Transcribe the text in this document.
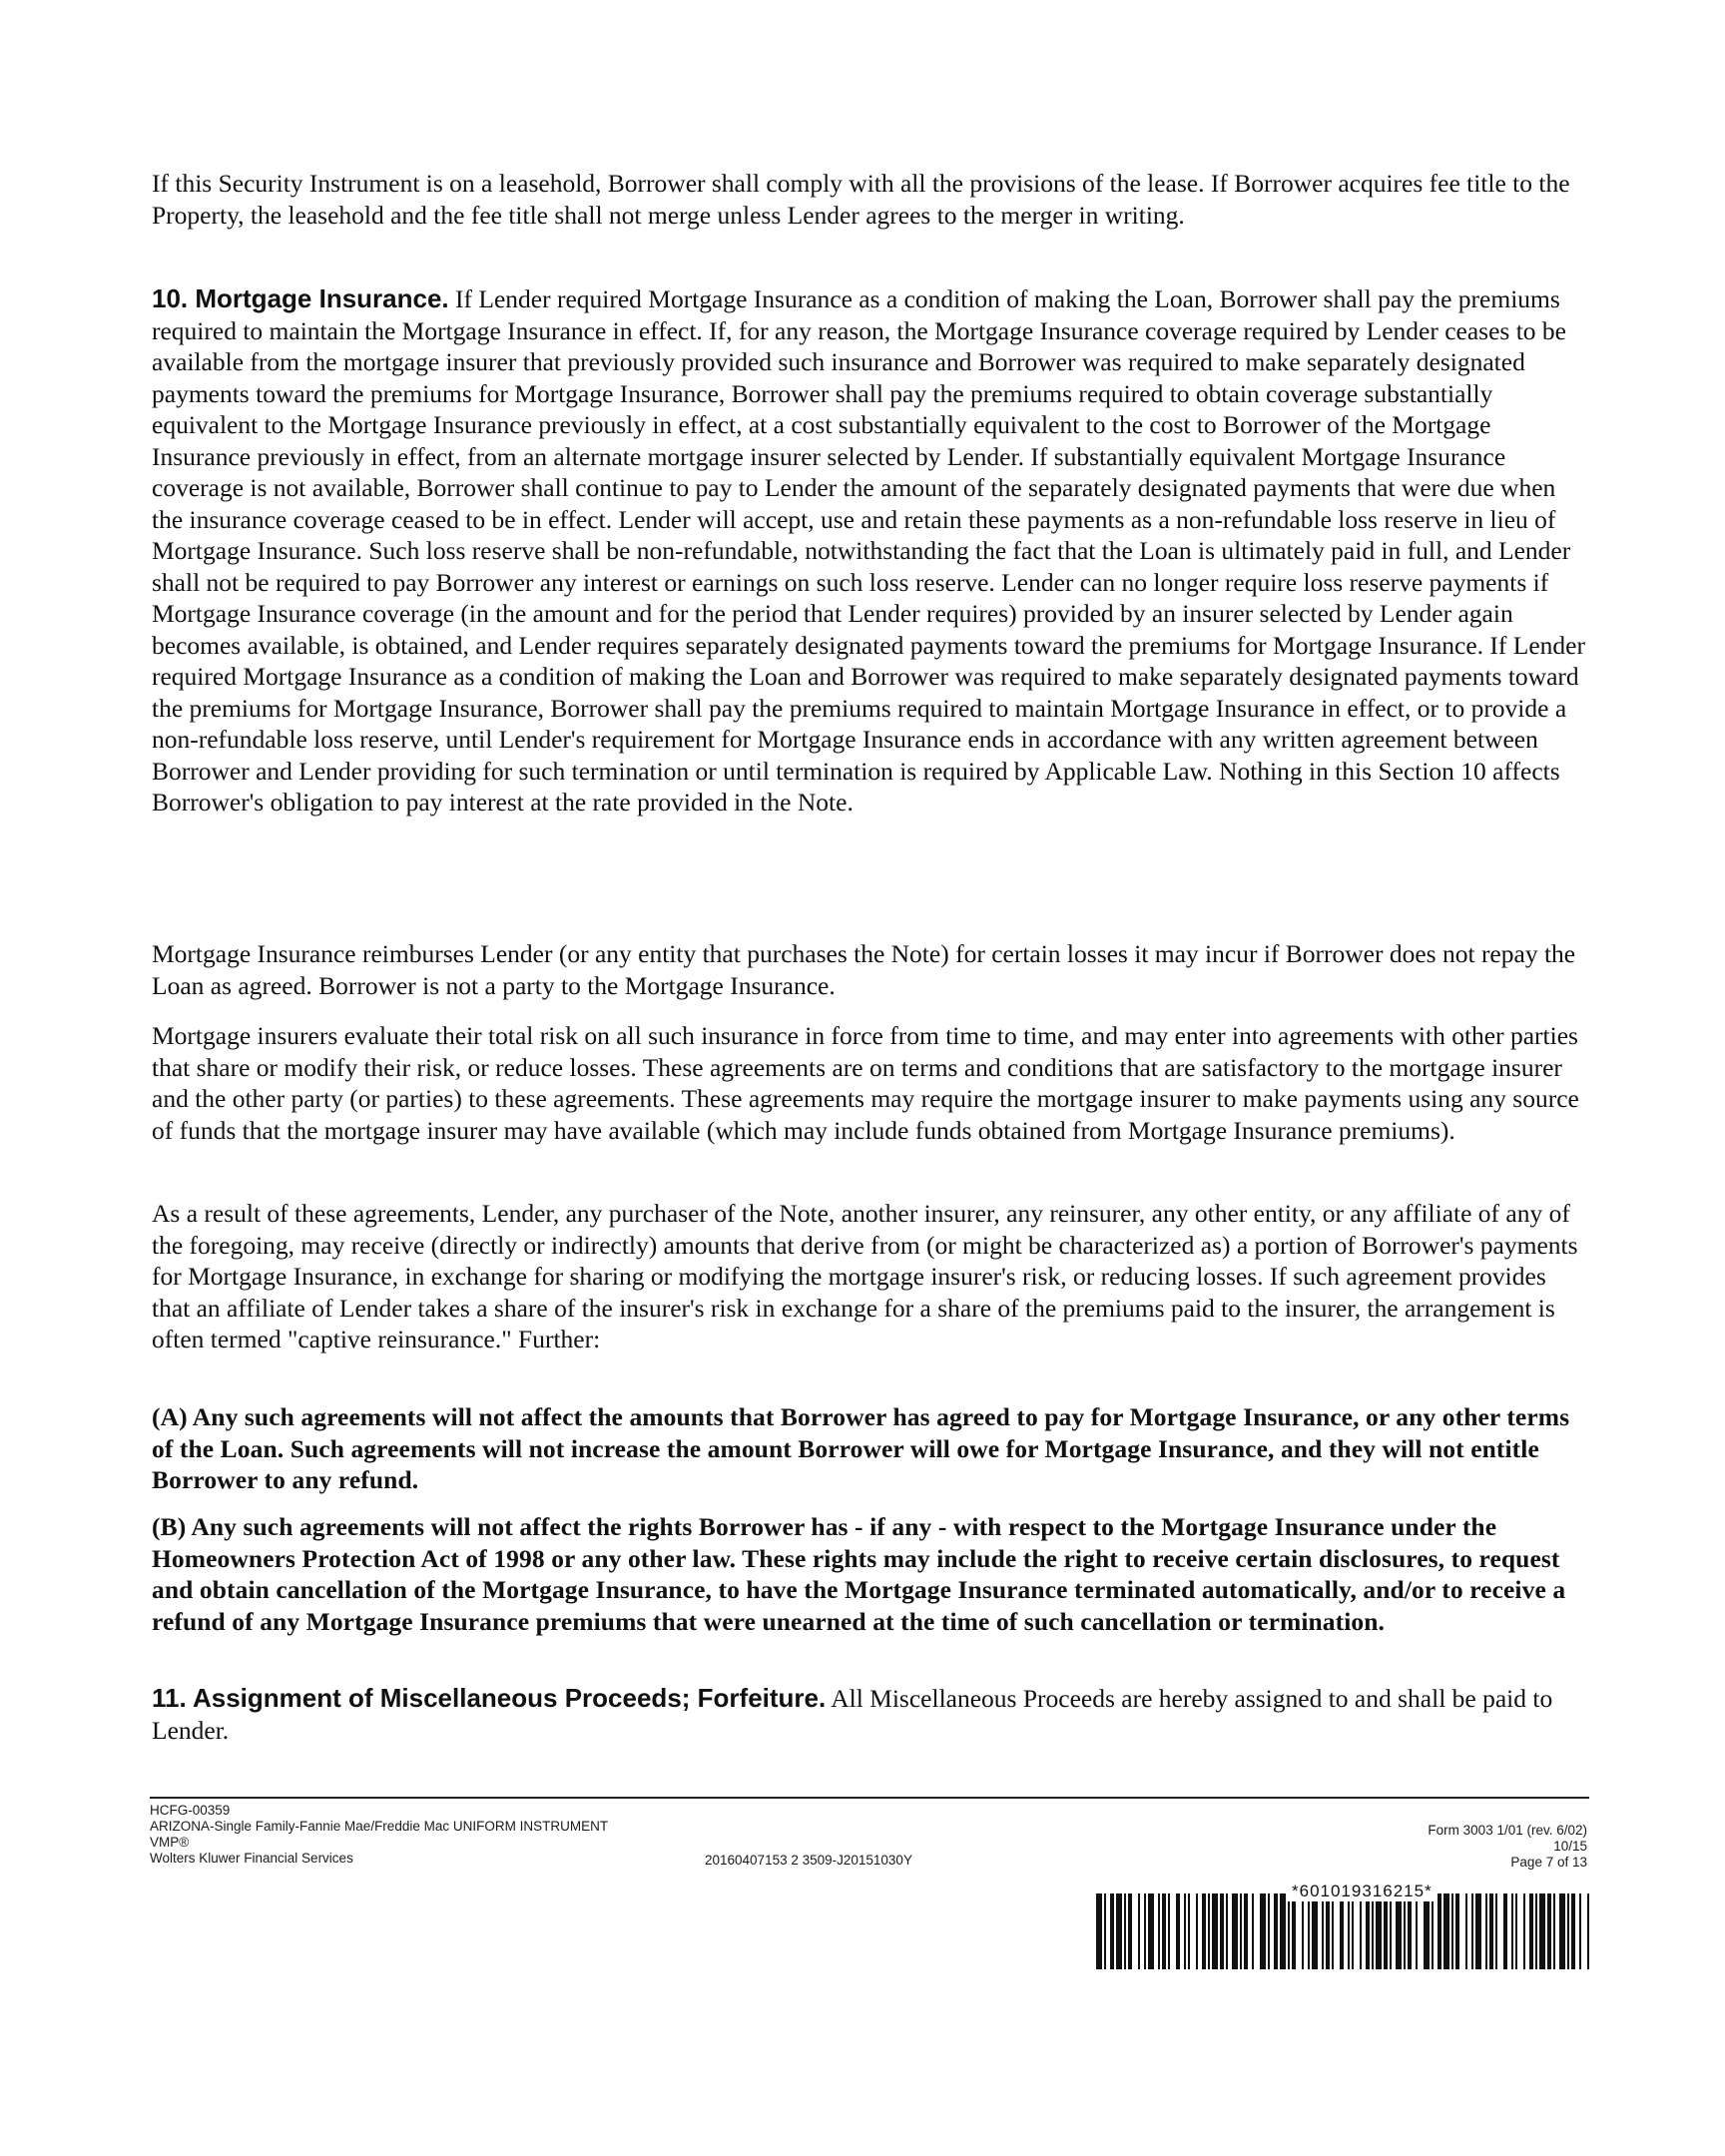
If this Security Instrument is on a leasehold, Borrower shall comply with all the provisions of the lease. If Borrower acquires fee title to the Property, the leasehold and the fee title shall not merge unless Lender agrees to the merger in writing.

10. Mortgage Insurance. If Lender required Mortgage Insurance as a condition of making the Loan, Borrower shall pay the premiums required to maintain the Mortgage Insurance in effect. If, for any reason, the Mortgage Insurance coverage required by Lender ceases to be available from the mortgage insurer that previously provided such insurance and Borrower was required to make separately designated payments toward the premiums for Mortgage Insurance, Borrower shall pay the premiums required to obtain coverage substantially equivalent to the Mortgage Insurance previously in effect, at a cost substantially equivalent to the cost to Borrower of the Mortgage Insurance previously in effect, from an alternate mortgage insurer selected by Lender. If substantially equivalent Mortgage Insurance coverage is not available, Borrower shall continue to pay to Lender the amount of the separately designated payments that were due when the insurance coverage ceased to be in effect. Lender will accept, use and retain these payments as a non-refundable loss reserve in lieu of Mortgage Insurance. Such loss reserve shall be non-refundable, notwithstanding the fact that the Loan is ultimately paid in full, and Lender shall not be required to pay Borrower any interest or earnings on such loss reserve. Lender can no longer require loss reserve payments if Mortgage Insurance coverage (in the amount and for the period that Lender requires) provided by an insurer selected by Lender again becomes available, is obtained, and Lender requires separately designated payments toward the premiums for Mortgage Insurance. If Lender required Mortgage Insurance as a condition of making the Loan and Borrower was required to make separately designated payments toward the premiums for Mortgage Insurance, Borrower shall pay the premiums required to maintain Mortgage Insurance in effect, or to provide a non-refundable loss reserve, until Lender's requirement for Mortgage Insurance ends in accordance with any written agreement between Borrower and Lender providing for such termination or until termination is required by Applicable Law. Nothing in this Section 10 affects Borrower's obligation to pay interest at the rate provided in the Note.

Mortgage Insurance reimburses Lender (or any entity that purchases the Note) for certain losses it may incur if Borrower does not repay the Loan as agreed. Borrower is not a party to the Mortgage Insurance.

Mortgage insurers evaluate their total risk on all such insurance in force from time to time, and may enter into agreements with other parties that share or modify their risk, or reduce losses. These agreements are on terms and conditions that are satisfactory to the mortgage insurer and the other party (or parties) to these agreements. These agreements may require the mortgage insurer to make payments using any source of funds that the mortgage insurer may have available (which may include funds obtained from Mortgage Insurance premiums).

As a result of these agreements, Lender, any purchaser of the Note, another insurer, any reinsurer, any other entity, or any affiliate of any of the foregoing, may receive (directly or indirectly) amounts that derive from (or might be characterized as) a portion of Borrower's payments for Mortgage Insurance, in exchange for sharing or modifying the mortgage insurer's risk, or reducing losses. If such agreement provides that an affiliate of Lender takes a share of the insurer's risk in exchange for a share of the premiums paid to the insurer, the arrangement is often termed "captive reinsurance." Further:

(A) Any such agreements will not affect the amounts that Borrower has agreed to pay for Mortgage Insurance, or any other terms of the Loan. Such agreements will not increase the amount Borrower will owe for Mortgage Insurance, and they will not entitle Borrower to any refund.

(B) Any such agreements will not affect the rights Borrower has - if any - with respect to the Mortgage Insurance under the Homeowners Protection Act of 1998 or any other law. These rights may include the right to receive certain disclosures, to request and obtain cancellation of the Mortgage Insurance, to have the Mortgage Insurance terminated automatically, and/or to receive a refund of any Mortgage Insurance premiums that were unearned at the time of such cancellation or termination.

11. Assignment of Miscellaneous Proceeds; Forfeiture. All Miscellaneous Proceeds are hereby assigned to and shall be paid to Lender.

HCFG-00359
ARIZONA-Single Family-Fannie Mae/Freddie Mac UNIFORM INSTRUMENT
VMP®
Wolters Kluwer Financial Services	20160407153 2 3509-J20151030Y
Form 3003 1/01 (rev. 6/02)
10/15
Page 7 of 13
*601019316215*
